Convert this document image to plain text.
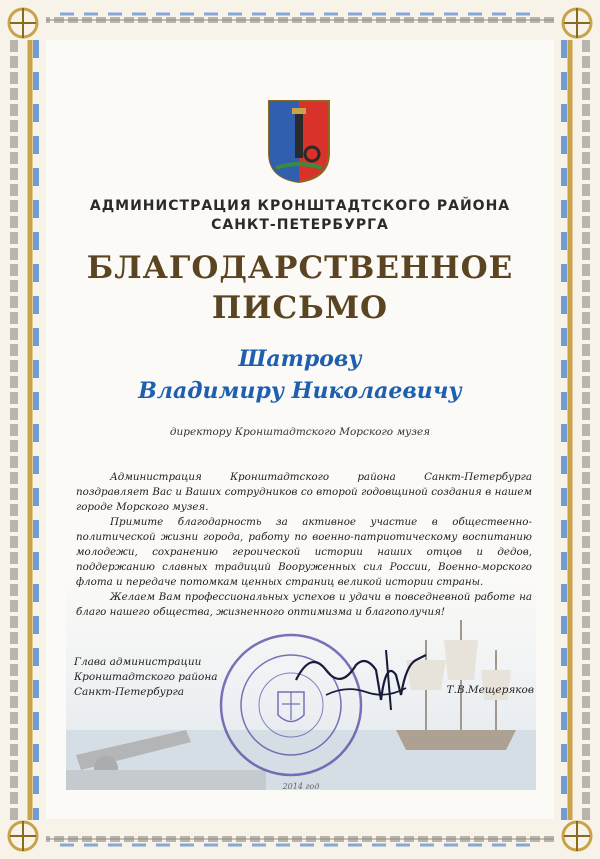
АДМИНИСТРАЦИЯ КРОНШТАДТСКОГО РАЙОНА
САНКТ-ПЕТЕРБУРГА
БЛАГОДАРСТВЕННОЕ
ПИСЬМО
Шатрову
Владимиру Николаевичу
директору Кронштадтского Морского музея

Администрация Кронштадтского района Санкт-Петербурга поздравляет Вас и Ваших сотрудников со второй годовщиной создания в нашем городе Морского музея.

Примите благодарность за активное участие в общественно-политической жизни города, работу по военно-патриотическому воспитанию молодежи, сохранению героической истории наших отцов и дедов, поддержанию славных традиций Вооруженных сил России, Военно-морского флота и передаче потомкам ценных страниц великой истории страны.

Желаем Вам профессиональных успехов и удачи в повседневной работе на благо нашего общества, жизненного оптимизма и благополучия!

Глава администрации
Кронштадтского района
Санкт-Петербурга	Т.В.Мещеряков
2014 год
